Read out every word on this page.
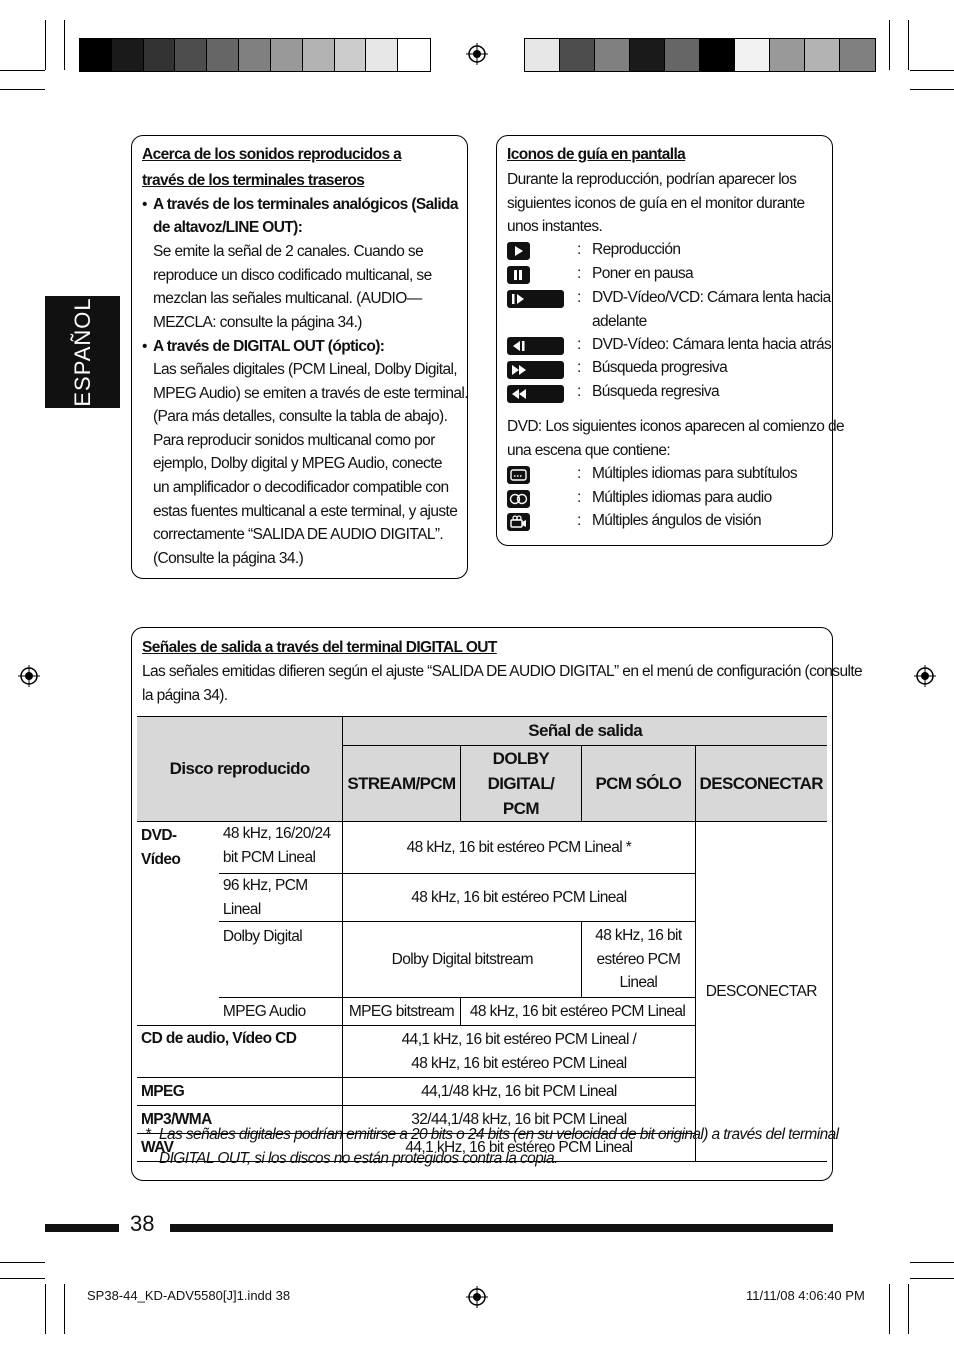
ESPAÑOL
Acerca de los sonidos reproducidos a
través de los terminales traseros
• A través de los terminales analógicos (Salida
de altavoz/LINE OUT):
Se emite la señal de 2 canales. Cuando se
reproduce un disco codificado multicanal, se
mezclan las señales multicanal. (AUDIO—
MEZCLA: consulte la página 34.)
• A través de DIGITAL OUT (óptico):
Las señales digitales (PCM Lineal, Dolby Digital,
MPEG Audio) se emiten a través de este terminal.
(Para más detalles, consulte la tabla de abajo).
Para reproducir sonidos multicanal como por
ejemplo, Dolby digital y MPEG Audio, conecte
un amplificador o decodificador compatible con
estas fuentes multicanal a este terminal, y ajuste
correctamente “SALIDA DE AUDIO DIGITAL”.
(Consulte la página 34.)
Iconos de guía en pantalla
Durante la reproducción, podrían aparecer los
siguientes iconos de guía en el monitor durante
unos instantes.
: Reproducción
: Poner en pausa
: DVD-Vídeo/VCD: Cámara lenta hacia
adelante
: DVD-Vídeo: Cámara lenta hacia atrás
: Búsqueda progresiva
: Búsqueda regresiva
: Múltiples idiomas para subtítulos
: Múltiples idiomas para audio
: Múltiples ángulos de visión
DVD: Los siguientes iconos aparecen al comienzo de
una escena que contiene:
Señales de salida a través del terminal DIGITAL OUT
Las señales emitidas difieren según el ajuste “SALIDA DE AUDIO DIGITAL” en el menú de configuración (consulte
la página 34).
Disco reproducido		Señal de salida			
		STREAM/PCM	DOLBY DIGITAL/
PCM	PCM SÓLO	DESCONECTAR
DVD-Vídeo	48 kHz, 16/20/24
bit PCM Lineal	48 kHz, 16 bit estéreo PCM Lineal *			DESCONECTAR
	96 kHz, PCM Lineal	48 kHz, 16 bit estéreo PCM Lineal			
	Dolby Digital	Dolby Digital bitstream		48 kHz, 16 bit
estéreo PCM
Lineal	
	MPEG Audio	MPEG bitstream	48 kHz, 16 bit estéreo PCM Lineal		
CD de audio, Vídeo CD		44,1 kHz, 16 bit estéreo PCM Lineal /
48 kHz, 16 bit estéreo PCM Lineal			
MPEG		44,1/48 kHz, 16 bit PCM Lineal			
MP3/WMA		32/44,1/48 kHz, 16 bit PCM Lineal			
WAV		44,1 kHz, 16 bit estéreo PCM Lineal			
* Las señales digitales podrían emitirse a 20 bits o 24 bits (en su velocidad de bit original) a través del terminal
DIGITAL OUT, si los discos no están protegidos contra la copia.
38
SP38-44_KD-ADV5580[J]1.indd 38	11/11/08 4:06:40 PM
